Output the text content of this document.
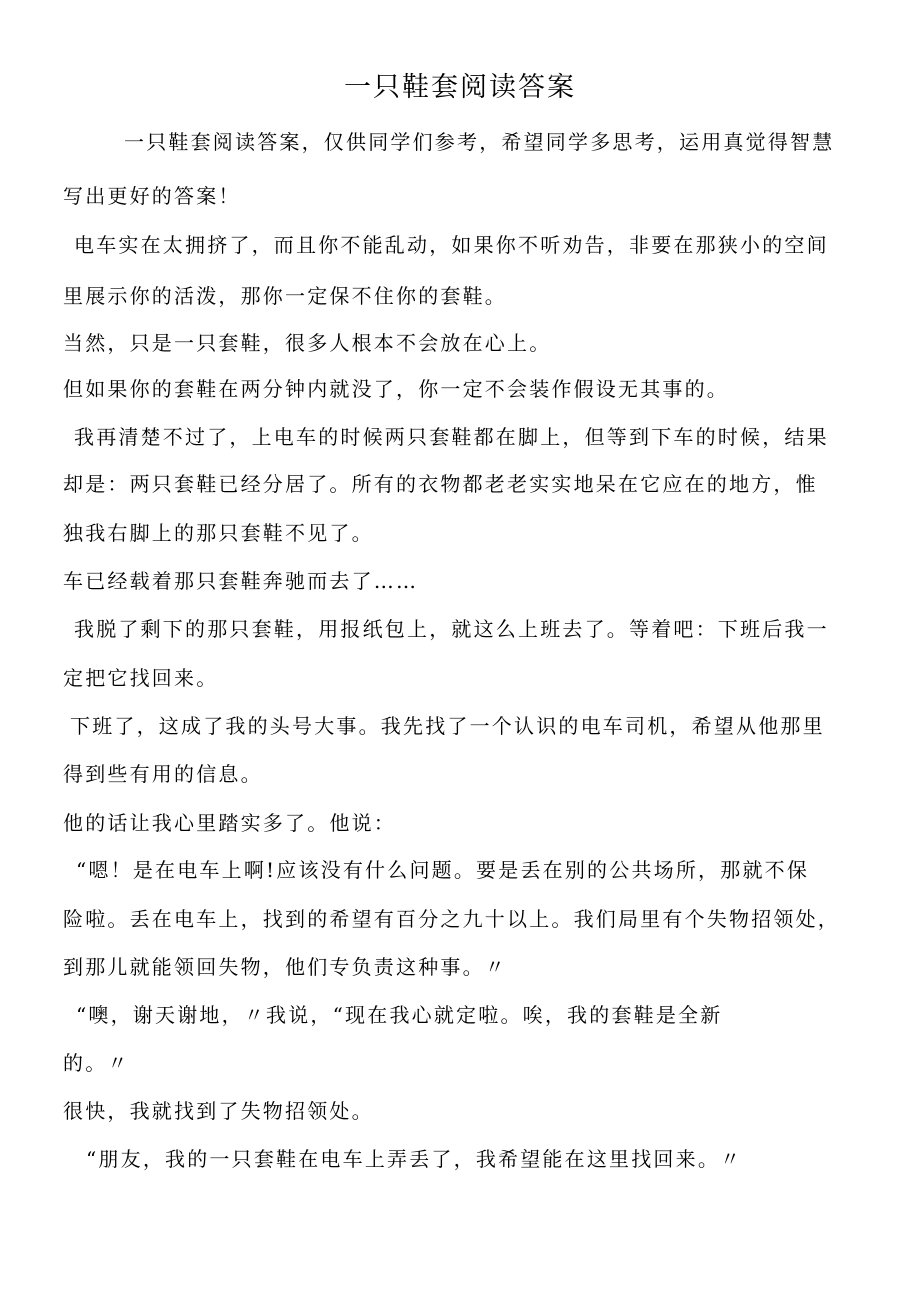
一只鞋套阅读答案

一只鞋套阅读答案，仅供同学们参考，希望同学多思考，运用真觉得智慧

写出更好的答案！

电车实在太拥挤了，而且你不能乱动，如果你不听劝告，非要在那狭小的空间

里展示你的活泼，那你一定保不住你的套鞋。

当然，只是一只套鞋，很多人根本不会放在心上。

但如果你的套鞋在两分钟内就没了，你一定不会装作假设无其事的。

我再清楚不过了，上电车的时候两只套鞋都在脚上，但等到下车的时候，结果

却是：两只套鞋已经分居了。所有的衣物都老老实实地呆在它应在的地方，惟

独我右脚上的那只套鞋不见了。

车已经载着那只套鞋奔驰而去了……

我脱了剩下的那只套鞋，用报纸包上，就这么上班去了。等着吧：下班后我一

定把它找回来。

下班了，这成了我的头号大事。我先找了一个认识的电车司机，希望从他那里

得到些有用的信息。

他的话让我心里踏实多了。他说：

“嗯！是在电车上啊!应该没有什么问题。要是丢在别的公共场所，那就不保

险啦。丢在电车上，找到的希望有百分之九十以上。我们局里有个失物招领处，

到那儿就能领回失物，他们专负责这种事。〃

“噢，谢天谢地，〃我说，“现在我心就定啦。唉，我的套鞋是全新

的。〃

很快，我就找到了失物招领处。

“朋友，我的一只套鞋在电车上弄丢了，我希望能在这里找回来。〃
